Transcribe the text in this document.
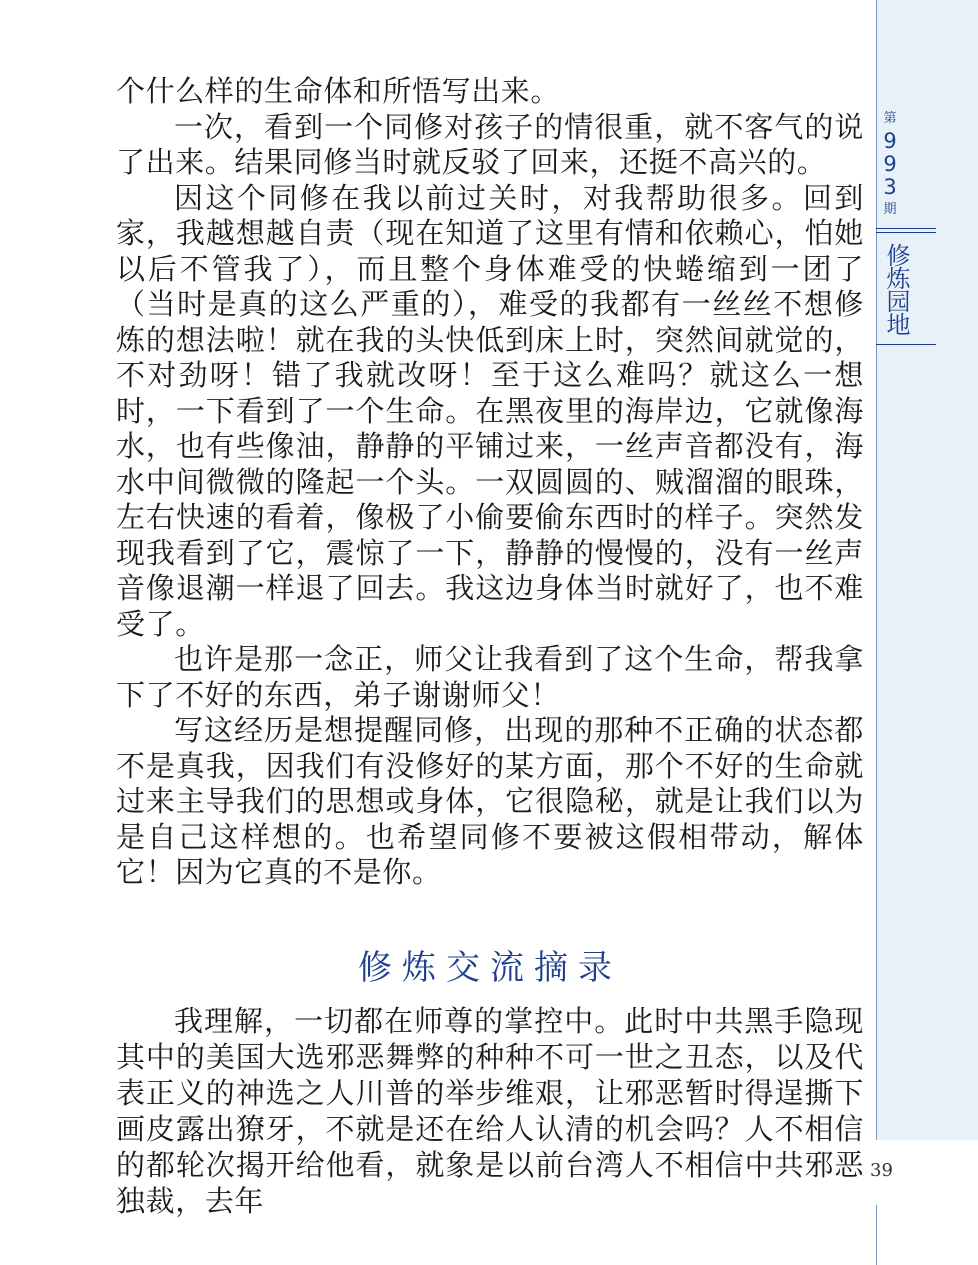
个什么样的生命体和所悟写出来。

一次，看到一个同修对孩子的情很重，就不客气的说了出来。结果同修当时就反驳了回来，还挺不高兴的。

因这个同修在我以前过关时，对我帮助很多。回到家，我越想越自责（现在知道了这里有情和依赖心，怕她以后不管我了），而且整个身体难受的快蜷缩到一团了（当时是真的这么严重的），难受的我都有一丝丝不想修炼的想法啦！就在我的头快低到床上时，突然间就觉的，不对劲呀！错了我就改呀！至于这么难吗？就这么一想时，一下看到了一个生命。在黑夜里的海岸边，它就像海水，也有些像油，静静的平铺过来，一丝声音都没有，海水中间微微的隆起一个头。一双圆圆的、贼溜溜的眼珠，左右快速的看着，像极了小偷要偷东西时的样子。突然发现我看到了它，震惊了一下，静静的慢慢的，没有一丝声音像退潮一样退了回去。我这边身体当时就好了，也不难受了。

也许是那一念正，师父让我看到了这个生命，帮我拿下了不好的东西，弟子谢谢师父！

写这经历是想提醒同修，出现的那种不正确的状态都不是真我，因我们有没修好的某方面，那个不好的生命就过来主导我们的思想或身体，它很隐秘，就是让我们以为是自己这样想的。也希望同修不要被这假相带动，解体它！因为它真的不是你。

修炼交流摘录

我理解，一切都在师尊的掌控中。此时中共黑手隐现其中的美国大选邪恶舞弊的种种不可一世之丑态，以及代表正义的神选之人川普的举步维艰，让邪恶暂时得逞撕下画皮露出獠牙，不就是还在给人认清的机会吗？人不相信的都轮次揭开给他看，就象是以前台湾人不相信中共邪恶独裁，去年

第
9
9
3
期
修炼园地
39
